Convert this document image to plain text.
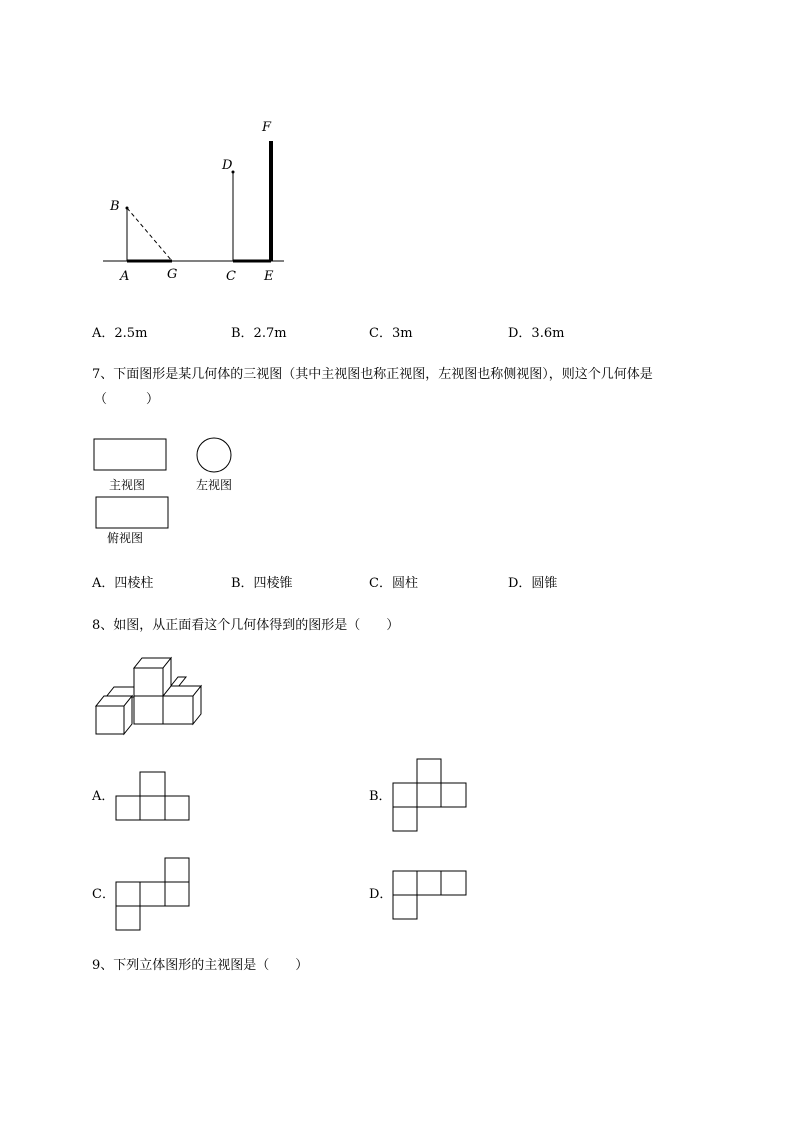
A	G	C E
B
D
F
A．2.5m	B．2.7m	C．3m	D．3.6m
7、下面图形是某几何体的三视图（其中主视图也称正视图，左视图也称侧视图），则这个几何体是
（　　　）
主视图	左视图
俯视图
A．四棱柱	B．四棱锥	C．圆柱	D．圆锥
8、如图，从正面看这个几何体得到的图形是（　　）
A．	B．
C．	D．
9、下列立体图形的主视图是（　　）
